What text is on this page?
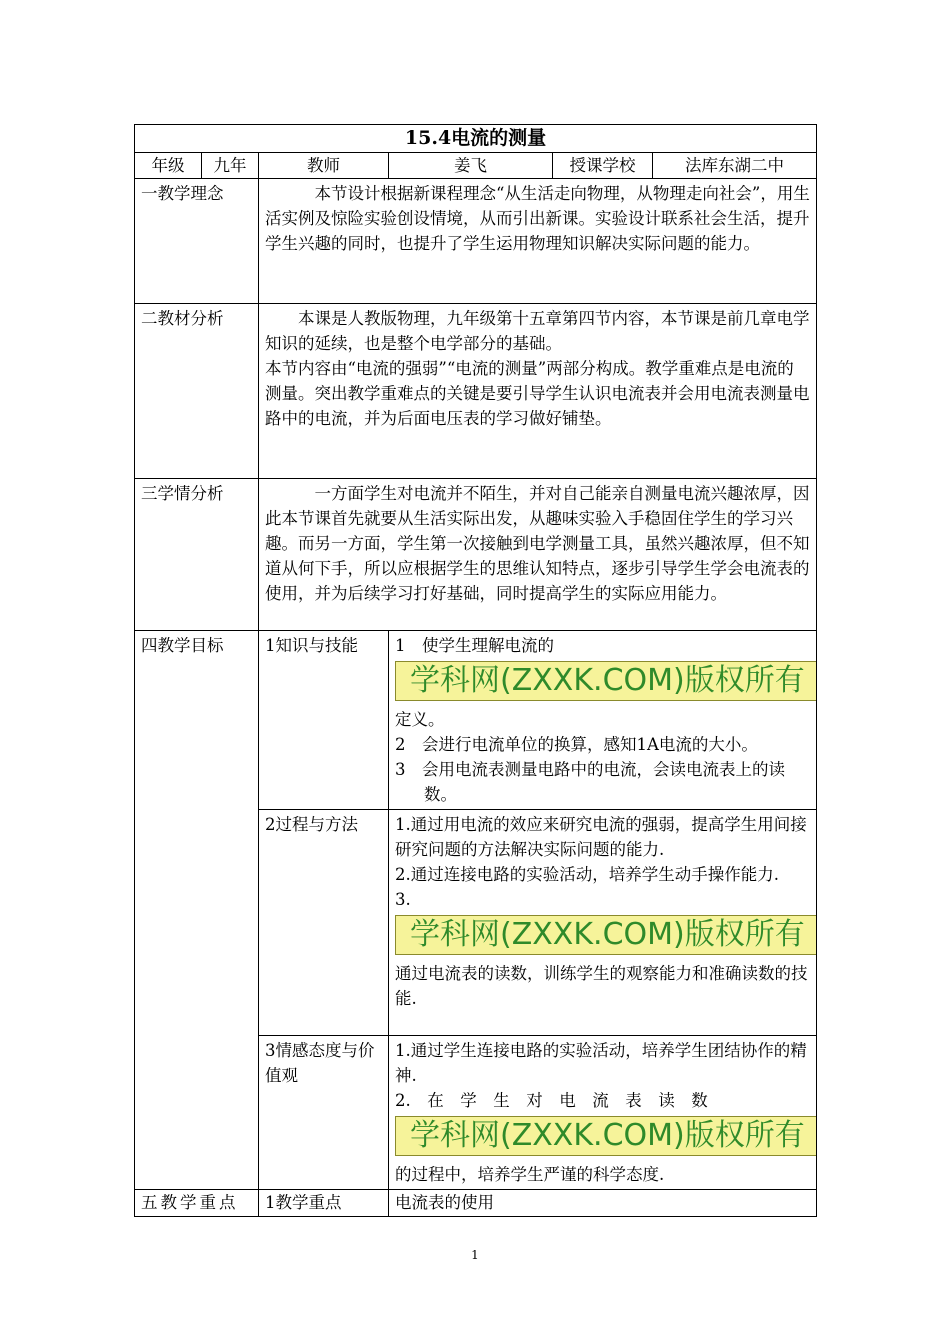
15.4电流的测量					
年级	九年	教师	姜飞	授课学校	法库东湖二中
一教学理念		本节设计根据新课程理念“从生活走向物理，从物理走向社会”，用生活实例及惊险实验创设情境，从而引出新课。实验设计联系社会生活，提升学生兴趣的同时，也提升了学生运用物理知识解决实际问题的能力。			

二教材分析		本课是人教版物理，九年级第十五章第四节内容，本节课是前几章电学知识的延续，也是整个电学部分的基础。
本节内容由“电流的强弱”“电流的测量”两部分构成。教学重难点是电流的测量。突出教学重难点的关键是要引导学生认识电流表并会用电流表测量电路中的电流，并为后面电压表的学习做好铺垫。			

三学情分析		一方面学生对电流并不陌生，并对自己能亲自测量电流兴趣浓厚，因此本节课首先就要从生活实际出发，从趣味实验入手稳固住学生的学习兴趣。而另一方面，学生第一次接触到电学测量工具，虽然兴趣浓厚，但不知道从何下手，所以应根据学生的思维认知特点，逐步引导学生学会电流表的使用，并为后续学习打好基础，同时提高学生的实际应用能力。			

四教学目标		1知识与技能	1　使学生理解电流的
学科网(ZXXK.COM)版权所有
定义。
2　会进行电流单位的换算，感知1A电流的大小。
3　会用电流表测量电路中的电流，会读电流表上的读数。		

		2过程与方法	1.通过用电流的效应来研究电流的强弱，提高学生用间接研究问题的方法解决实际问题的能力.
2.通过连接电路的实验活动，培养学生动手操作能力.
3.
学科网(ZXXK.COM)版权所有
通过电流表的读数，训练学生的观察能力和准确读数的技能.		

		3情感态度与价值观	1.通过学生连接电路的实验活动，培养学生团结协作的精神.
2.　在　学　生　对　电　流　表　读　数
学科网(ZXXK.COM)版权所有
的过程中，培养学生严谨的科学态度.		

五教学重点		1教学重点	电流表的使用		
1
